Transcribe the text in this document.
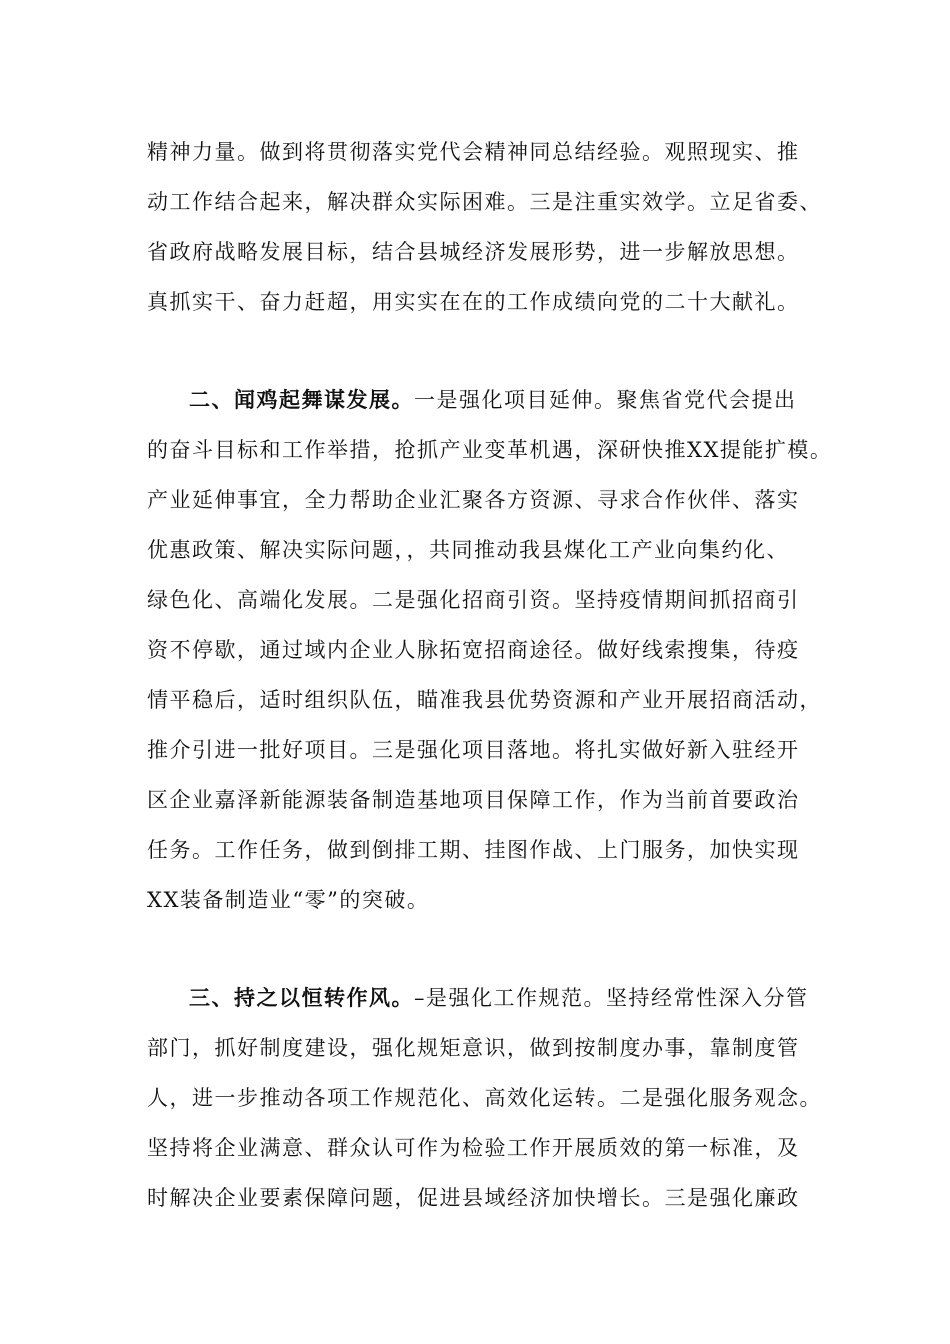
精神力量。做到将贯彻落实党代会精神同总结经验。观照现实、推
动工作结合起来，解决群众实际困难。三是注重实效学。立足省委、
省政府战略发展目标，结合县城经济发展形势，进一步解放思想。
真抓实干、奋力赶超，用实实在在的工作成绩向党的二十大献礼。
二、闻鸡起舞谋发展。一是强化项目延伸。聚焦省党代会提出
的奋斗目标和工作举措，抢抓产业变革机遇，深研快推XX提能扩模。
产业延伸事宜，全力帮助企业汇聚各方资源、寻求合作伙伴、落实
优惠政策、解决实际问题，，共同推动我县煤化工产业向集约化、
绿色化、高端化发展。二是强化招商引资。坚持疫情期间抓招商引
资不停歇，通过域内企业人脉拓宽招商途径。做好线索搜集，待疫
情平稳后，适时组织队伍，瞄准我县优势资源和产业开展招商活动，
推介引进一批好项目。三是强化项目落地。将扎实做好新入驻经开
区企业嘉泽新能源装备制造基地项目保障工作，作为当前首要政治
任务。工作任务，做到倒排工期、挂图作战、上门服务，加快实现
XX装备制造业“零”的突破。
三、持之以恒转作风。–是强化工作规范。坚持经常性深入分管
部门，抓好制度建设，强化规矩意识，做到按制度办事，靠制度管
人，进一步推动各项工作规范化、高效化运转。二是强化服务观念。
坚持将企业满意、群众认可作为检验工作开展质效的第一标准，及
时解决企业要素保障问题，促进县域经济加快增长。三是强化廉政
